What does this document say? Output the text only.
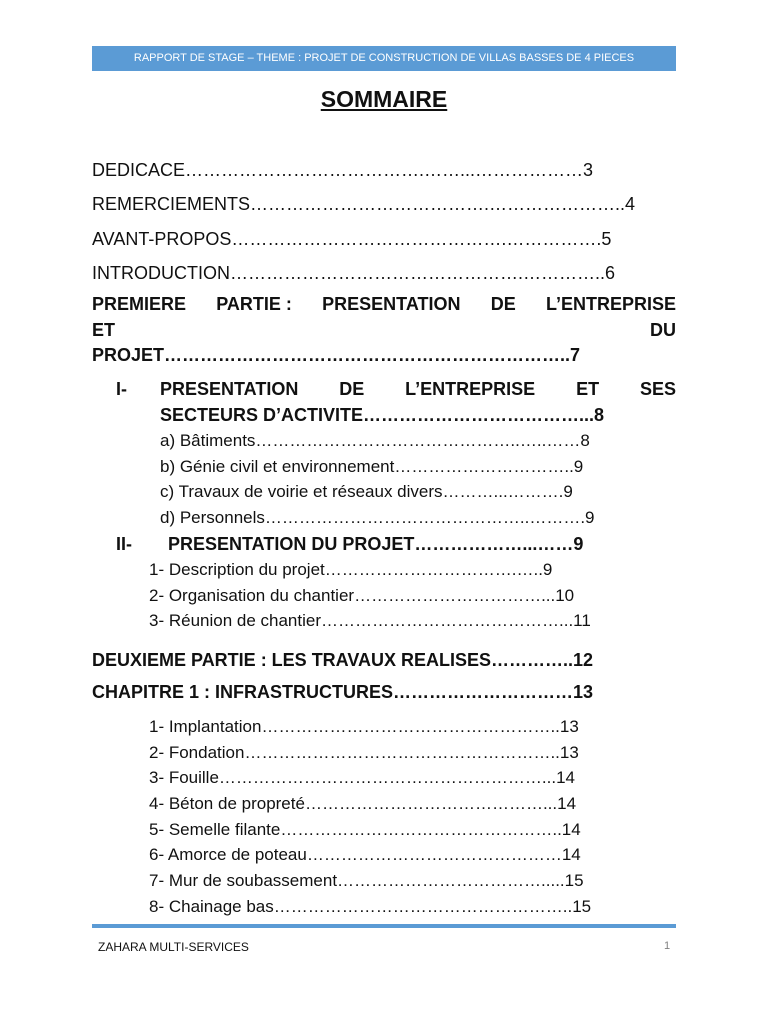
RAPPORT DE STAGE – THEME : PROJET DE CONSTRUCTION DE VILLAS BASSES DE 4 PIECES
SOMMAIRE
DEDICACE………………………………….……...………………3
REMERCIEMENTS………………………………….…………………..4
AVANT-PROPOS……………………………………….…………….5
INTRODUCTION………………………………………….…………..6
PREMIERE PARTIE : PRESENTATION DE L’ENTREPRISE
ET	DU
PROJET…………………………………………………………..7
I- PRESENTATION DE L’ENTREPRISE ET SES
SECTEURS D’ACTIVITE………………………………...8
a) Bâtiments………………………………………..…..……8
b) Génie civil et environnement…………………………..9
c) Travaux de voirie et réseaux divers………...……….9
d) Personnels………………………………………..……….9
II- PRESENTATION DU PROJET………………...……9
1- Description du projet…………………………….…..9
2- Organisation du chantier……………………………...10
3- Réunion de chantier……………………………………...11
DEUXIEME PARTIE : LES TRAVAUX REALISES…………..12
CHAPITRE 1 : INFRASTRUCTURES…………………………13
1- Implantation……………………………………………..13
2- Fondation………………………………………………..13
3- Fouille…………………………………………………...14
4- Béton de propreté……………………………………...14
5- Semelle filante…………………………………………..14
6- Amorce de poteau………………………………………14
7- Mur de soubassement……………………………….....15
8- Chainage bas……………………………………………..15
ZAHARA MULTI-SERVICES	1
